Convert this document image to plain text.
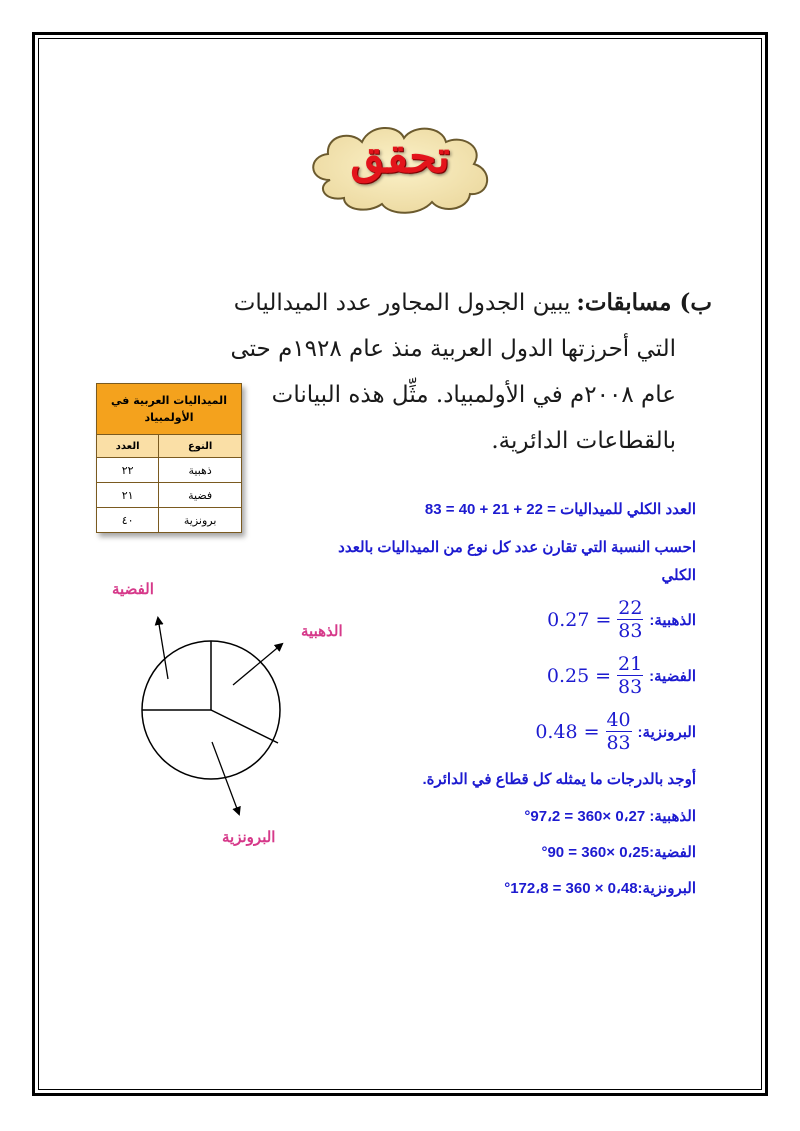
تحقق
ب)مسابقات:يبين الجدول المجاور عدد الميداليات
التي أحرزتها الدول العربية منذ عام ١٩٢٨م حتى
عام ٢٠٠٨م في الأولمبياد. مثِّل هذه البيانات
بالقطاعات الدائرية.
الميداليات العربية في
الأولمبياد	
النوع	العدد
ذهبية	٢٢
فضية	٢١
برونزية	٤٠
العدد الكلي للميداليات = 22 + 21 + 40 = 83
احسب النسبة التي تقارن عدد كل نوع من الميداليات بالعدد
الكلي
الذهبية:
$\frac{22}{83}$
=
0.27
الفضية:
$\frac{21}{83}$
=
0.25
البرونزية:
$\frac{40}{83}$
=
0.48
أوجد بالدرجات ما يمثله كل قطاع في الدائرة.
الذهبية: 0،27 ×360 = 97،2°
الفضية:0،25 ×360 = 90°
البرونزية:0،48 × 360 = 172،8°
الفضية
الذهبية
البرونزية
